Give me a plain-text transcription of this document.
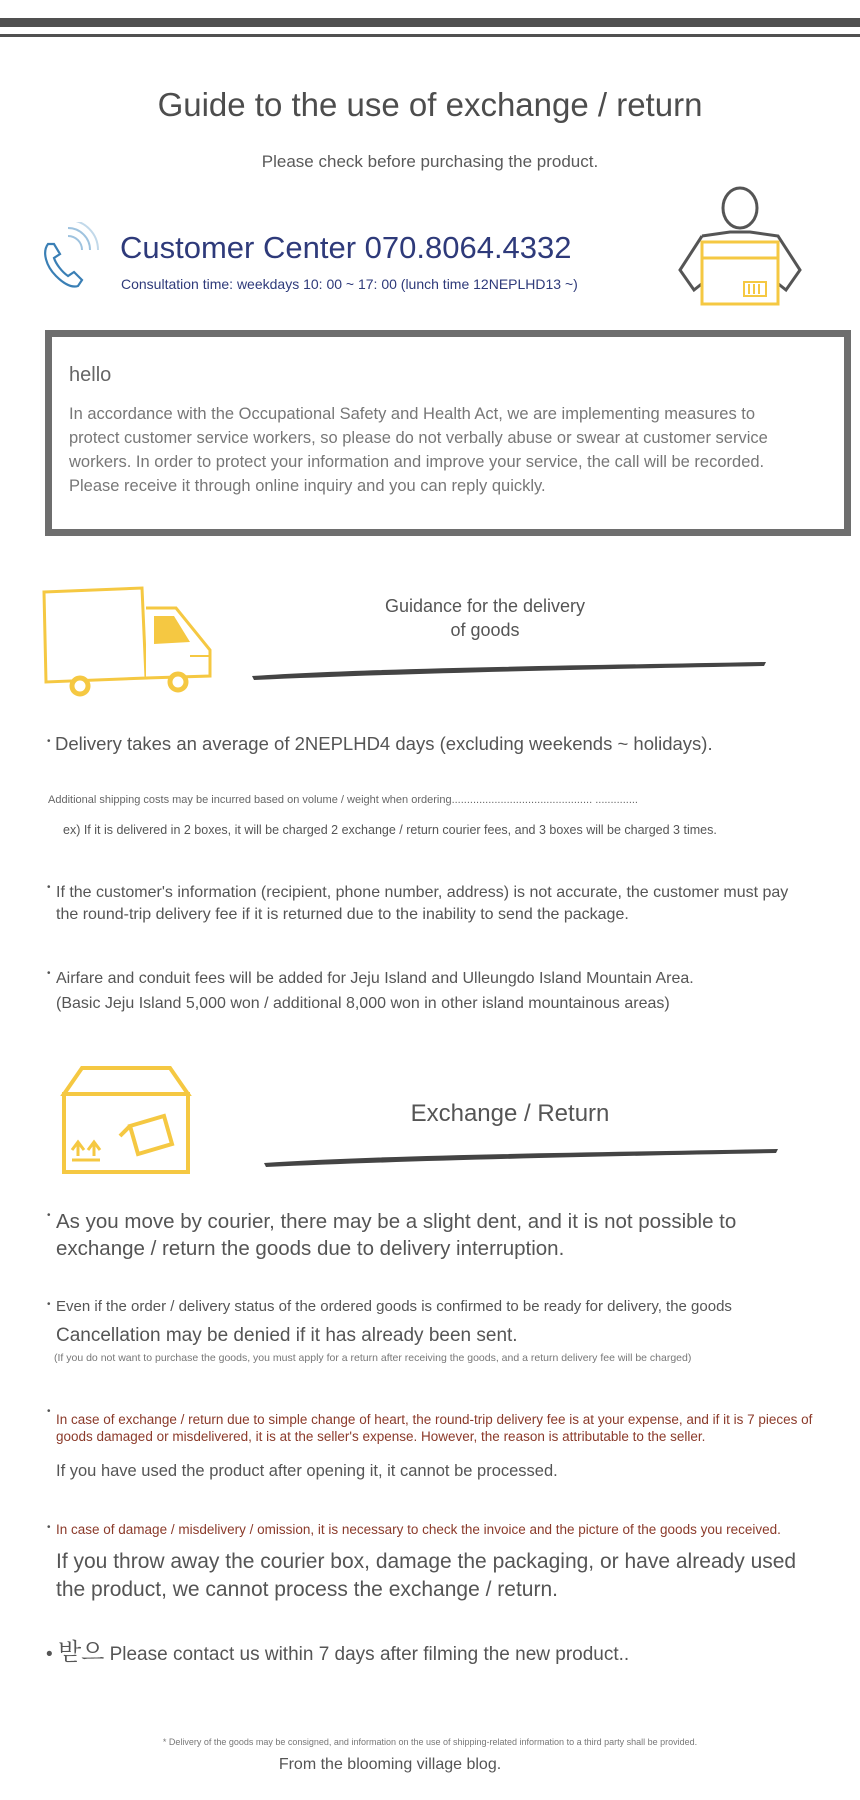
Guide to the use of exchange / return
Please check before purchasing the product.
Customer Center 070.8064.4332
Consultation time: weekdays 10: 00 ~ 17: 00 (lunch time 12NEPLHD13 ~)
hello
In accordance with the Occupational Safety and Health Act, we are implementing measures to protect customer service workers, so please do not verbally abuse or swear at customer service workers. In order to protect your information and improve your service, the call will be recorded. Please receive it through online inquiry and you can reply quickly.
Guidance for the delivery of goods
• Delivery takes an average of 2NEPLHD4 days (excluding weekends ~ holidays).
Additional shipping costs may be incurred based on volume / weight when ordering.............................................. ..............
ex) If it is delivered in 2 boxes, it will be charged 2 exchange / return courier fees, and 3 boxes will be charged 3 times.
• If the customer's information (recipient, phone number, address) is not accurate, the customer must pay the round-trip delivery fee if it is returned due to the inability to send the package.
• Airfare and conduit fees will be added for Jeju Island and Ulleungdo Island Mountain Area.
(Basic Jeju Island 5,000 won / additional 8,000 won in other island mountainous areas)
Exchange / Return
• As you move by courier, there may be a slight dent, and it is not possible to exchange / return the goods due to delivery interruption.
• Even if the order / delivery status of the ordered goods is confirmed to be ready for delivery, the goods
Cancellation may be denied if it has already been sent.
(If you do not want to purchase the goods, you must apply for a return after receiving the goods, and a return delivery fee will be charged)
•
In case of exchange / return due to simple change of heart, the round-trip delivery fee is at your expense, and if it is 7 pieces of goods damaged or misdelivered, it is at the seller's expense. However, the reason is attributable to the seller.
If you have used the product after opening it, it cannot be processed.
• In case of damage / misdelivery / omission, it is necessary to check the invoice and the picture of the goods you received.
If you throw away the courier box, damage the packaging, or have already used the product, we cannot process the exchange / return.
• 받으 Please contact us within 7 days after filming the new product..
* Delivery of the goods may be consigned, and information on the use of shipping-related information to a third party shall be provided.
From the blooming village blog.
